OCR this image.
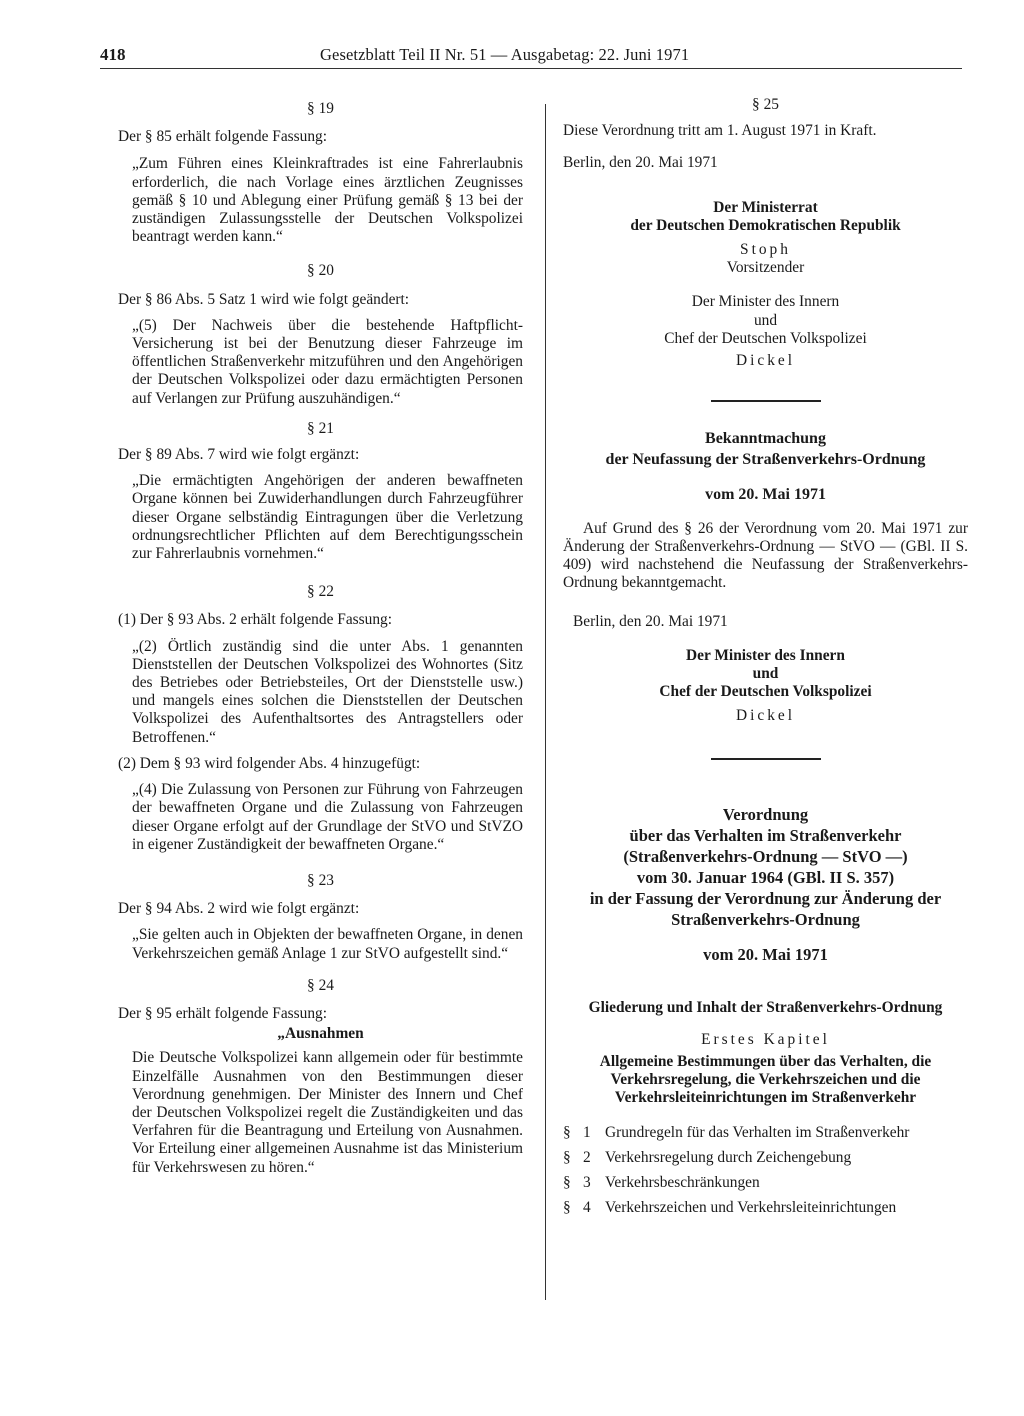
418	Gesetzblatt Teil II Nr. 51 — Ausgabetag: 22. Juni 1971

§ 19

Der § 85 erhält folgende Fassung:

„Zum Führen eines Kleinkraftrades ist eine Fahrerlaubnis erforderlich, die nach Vorlage eines ärztlichen Zeugnisses gemäß § 10 und Ablegung einer Prüfung gemäß § 13 bei der zuständigen Zulassungsstelle der Deutschen Volkspolizei beantragt werden kann.“

§ 20

Der § 86 Abs. 5 Satz 1 wird wie folgt geändert:

„(5) Der Nachweis über die bestehende Haftpflicht-Versicherung ist bei der Benutzung dieser Fahrzeuge im öffentlichen Straßenverkehr mitzuführen und den Angehörigen der Deutschen Volkspolizei oder dazu ermächtigten Personen auf Verlangen zur Prüfung auszuhändigen.“

§ 21

Der § 89 Abs. 7 wird wie folgt ergänzt:

„Die ermächtigten Angehörigen der anderen bewaffneten Organe können bei Zuwiderhandlungen durch Fahrzeugführer dieser Organe selbständig Eintragungen über die Verletzung ordnungsrechtlicher Pflichten auf dem Berechtigungsschein zur Fahrerlaubnis vornehmen.“

§ 22

(1) Der § 93 Abs. 2 erhält folgende Fassung:

„(2) Örtlich zuständig sind die unter Abs. 1 genannten Dienststellen der Deutschen Volkspolizei des Wohnortes (Sitz des Betriebes oder Betriebsteiles, Ort der Dienststelle usw.) und mangels eines solchen die Dienststellen der Deutschen Volkspolizei des Aufenthaltsortes des Antragstellers oder Betroffenen.“

(2) Dem § 93 wird folgender Abs. 4 hinzugefügt:

„(4) Die Zulassung von Personen zur Führung von Fahrzeugen der bewaffneten Organe und die Zulassung von Fahrzeugen dieser Organe erfolgt auf der Grundlage der StVO und StVZO in eigener Zuständigkeit der bewaffneten Organe.“

§ 23

Der § 94 Abs. 2 wird wie folgt ergänzt:

„Sie gelten auch in Objekten der bewaffneten Organe, in denen Verkehrszeichen gemäß Anlage 1 zur StVO aufgestellt sind.“

§ 24

Der § 95 erhält folgende Fassung:

„Ausnahmen

Die Deutsche Volkspolizei kann allgemein oder für bestimmte Einzelfälle Ausnahmen von den Bestimmungen dieser Verordnung genehmigen. Der Minister des Innern und Chef der Deutschen Volkspolizei regelt die Zuständigkeiten und das Verfahren für die Beantragung und Erteilung von Ausnahmen. Vor Erteilung einer allgemeinen Ausnahme ist das Ministerium für Verkehrswesen zu hören.“

§ 25

Diese Verordnung tritt am 1. August 1971 in Kraft.

Berlin, den 20. Mai 1971

Der Ministerrat

der Deutschen Demokratischen Republik

Stoph

Vorsitzender

Der Minister des Innern

und

Chef der Deutschen Volkspolizei

Dickel

Bekanntmachung

der Neufassung der Straßenverkehrs-Ordnung

vom 20. Mai 1971

Auf Grund des § 26 der Verordnung vom 20. Mai 1971 zur Änderung der Straßenverkehrs-Ordnung — StVO — (GBl. II S. 409) wird nachstehend die Neufassung der Straßenverkehrs-Ordnung bekanntgemacht.

Berlin, den 20. Mai 1971

Der Minister des Innern

und

Chef der Deutschen Volkspolizei

Dickel

Verordnung

über das Verhalten im Straßenverkehr

(Straßenverkehrs-Ordnung — StVO —)

vom 30. Januar 1964 (GBl. II S. 357)

in der Fassung der Verordnung zur Änderung der

Straßenverkehrs-Ordnung

vom 20. Mai 1971

Gliederung und Inhalt der Straßenverkehrs-Ordnung

Erstes Kapitel

Allgemeine Bestimmungen über das Verhalten, die Verkehrsregelung, die Verkehrszeichen und die Verkehrsleiteinrichtungen im Straßenverkehr

§ 1 Grundregeln für das Verhalten im Straßenverkehr
§ 2 Verkehrsregelung durch Zeichengebung
§ 3 Verkehrsbeschränkungen
§ 4 Verkehrszeichen und Verkehrsleiteinrichtungen
